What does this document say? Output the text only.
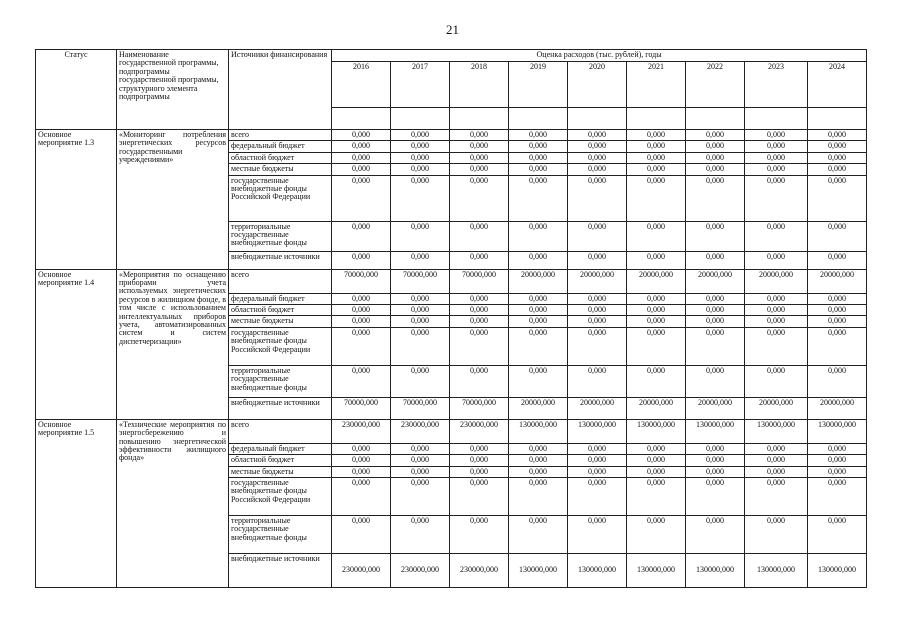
21
Статус	Наименование государственной программы, подпрограммы государственной программы, структурного элемента подпрограммы	Источники финансирования	Оценка расходов (тыс. рублей), годы								
			2016	2017	2018	2019	2020	2021	2022	2023	2024

Основное мероприятие 1.3	«Мониторинг потребления энергетических ресурсов государственными учреждениями»	всего	0,000	0,000	0,000	0,000	0,000	0,000	0,000	0,000	0,000
		федеральный бюджет	0,000	0,000	0,000	0,000	0,000	0,000	0,000	0,000	0,000
		областной бюджет	0,000	0,000	0,000	0,000	0,000	0,000	0,000	0,000	0,000
		местные бюджеты	0,000	0,000	0,000	0,000	0,000	0,000	0,000	0,000	0,000
		государственные внебюджетные фонды Российской Федерации	0,000	0,000	0,000	0,000	0,000	0,000	0,000	0,000	0,000
		территориальные государственные внебюджетные фонды	0,000	0,000	0,000	0,000	0,000	0,000	0,000	0,000	0,000
		внебюджетные источники	0,000	0,000	0,000	0,000	0,000	0,000	0,000	0,000	0,000
Основное мероприятие 1.4	«Мероприятия по оснащению приборами учета используемых энергетических ресурсов в жилищном фонде, в том числе с использованием интеллектуальных приборов учета, автоматизированных систем и систем диспетчеризации»	всего	70000,000	70000,000	70000,000	20000,000	20000,000	20000,000	20000,000	20000,000	20000,000
		федеральный бюджет	0,000	0,000	0,000	0,000	0,000	0,000	0,000	0,000	0,000
		областной бюджет	0,000	0,000	0,000	0,000	0,000	0,000	0,000	0,000	0,000
		местные бюджеты	0,000	0,000	0,000	0,000	0,000	0,000	0,000	0,000	0,000
		государственные внебюджетные фонды Российской Федерации	0,000	0,000	0,000	0,000	0,000	0,000	0,000	0,000	0,000
		территориальные государственные внебюджетные фонды	0,000	0,000	0,000	0,000	0,000	0,000	0,000	0,000	0,000
		внебюджетные источники	70000,000	70000,000	70000,000	20000,000	20000,000	20000,000	20000,000	20000,000	20000,000
Основное мероприятие 1.5	«Технические мероприятия по энергосбережению и повышению энергетической эффективности жилищного фонда»	всего	230000,000	230000,000	230000,000	130000,000	130000,000	130000,000	130000,000	130000,000	130000,000
		федеральный бюджет	0,000	0,000	0,000	0,000	0,000	0,000	0,000	0,000	0,000
		областной бюджет	0,000	0,000	0,000	0,000	0,000	0,000	0,000	0,000	0,000
		местные бюджеты	0,000	0,000	0,000	0,000	0,000	0,000	0,000	0,000	0,000
		государственные внебюджетные фонды Российской Федерации	0,000	0,000	0,000	0,000	0,000	0,000	0,000	0,000	0,000
		территориальные государственные внебюджетные фонды	0,000	0,000	0,000	0,000	0,000	0,000	0,000	0,000	0,000
		внебюджетные источники	230000,000	230000,000	230000,000	130000,000	130000,000	130000,000	130000,000	130000,000	130000,000
